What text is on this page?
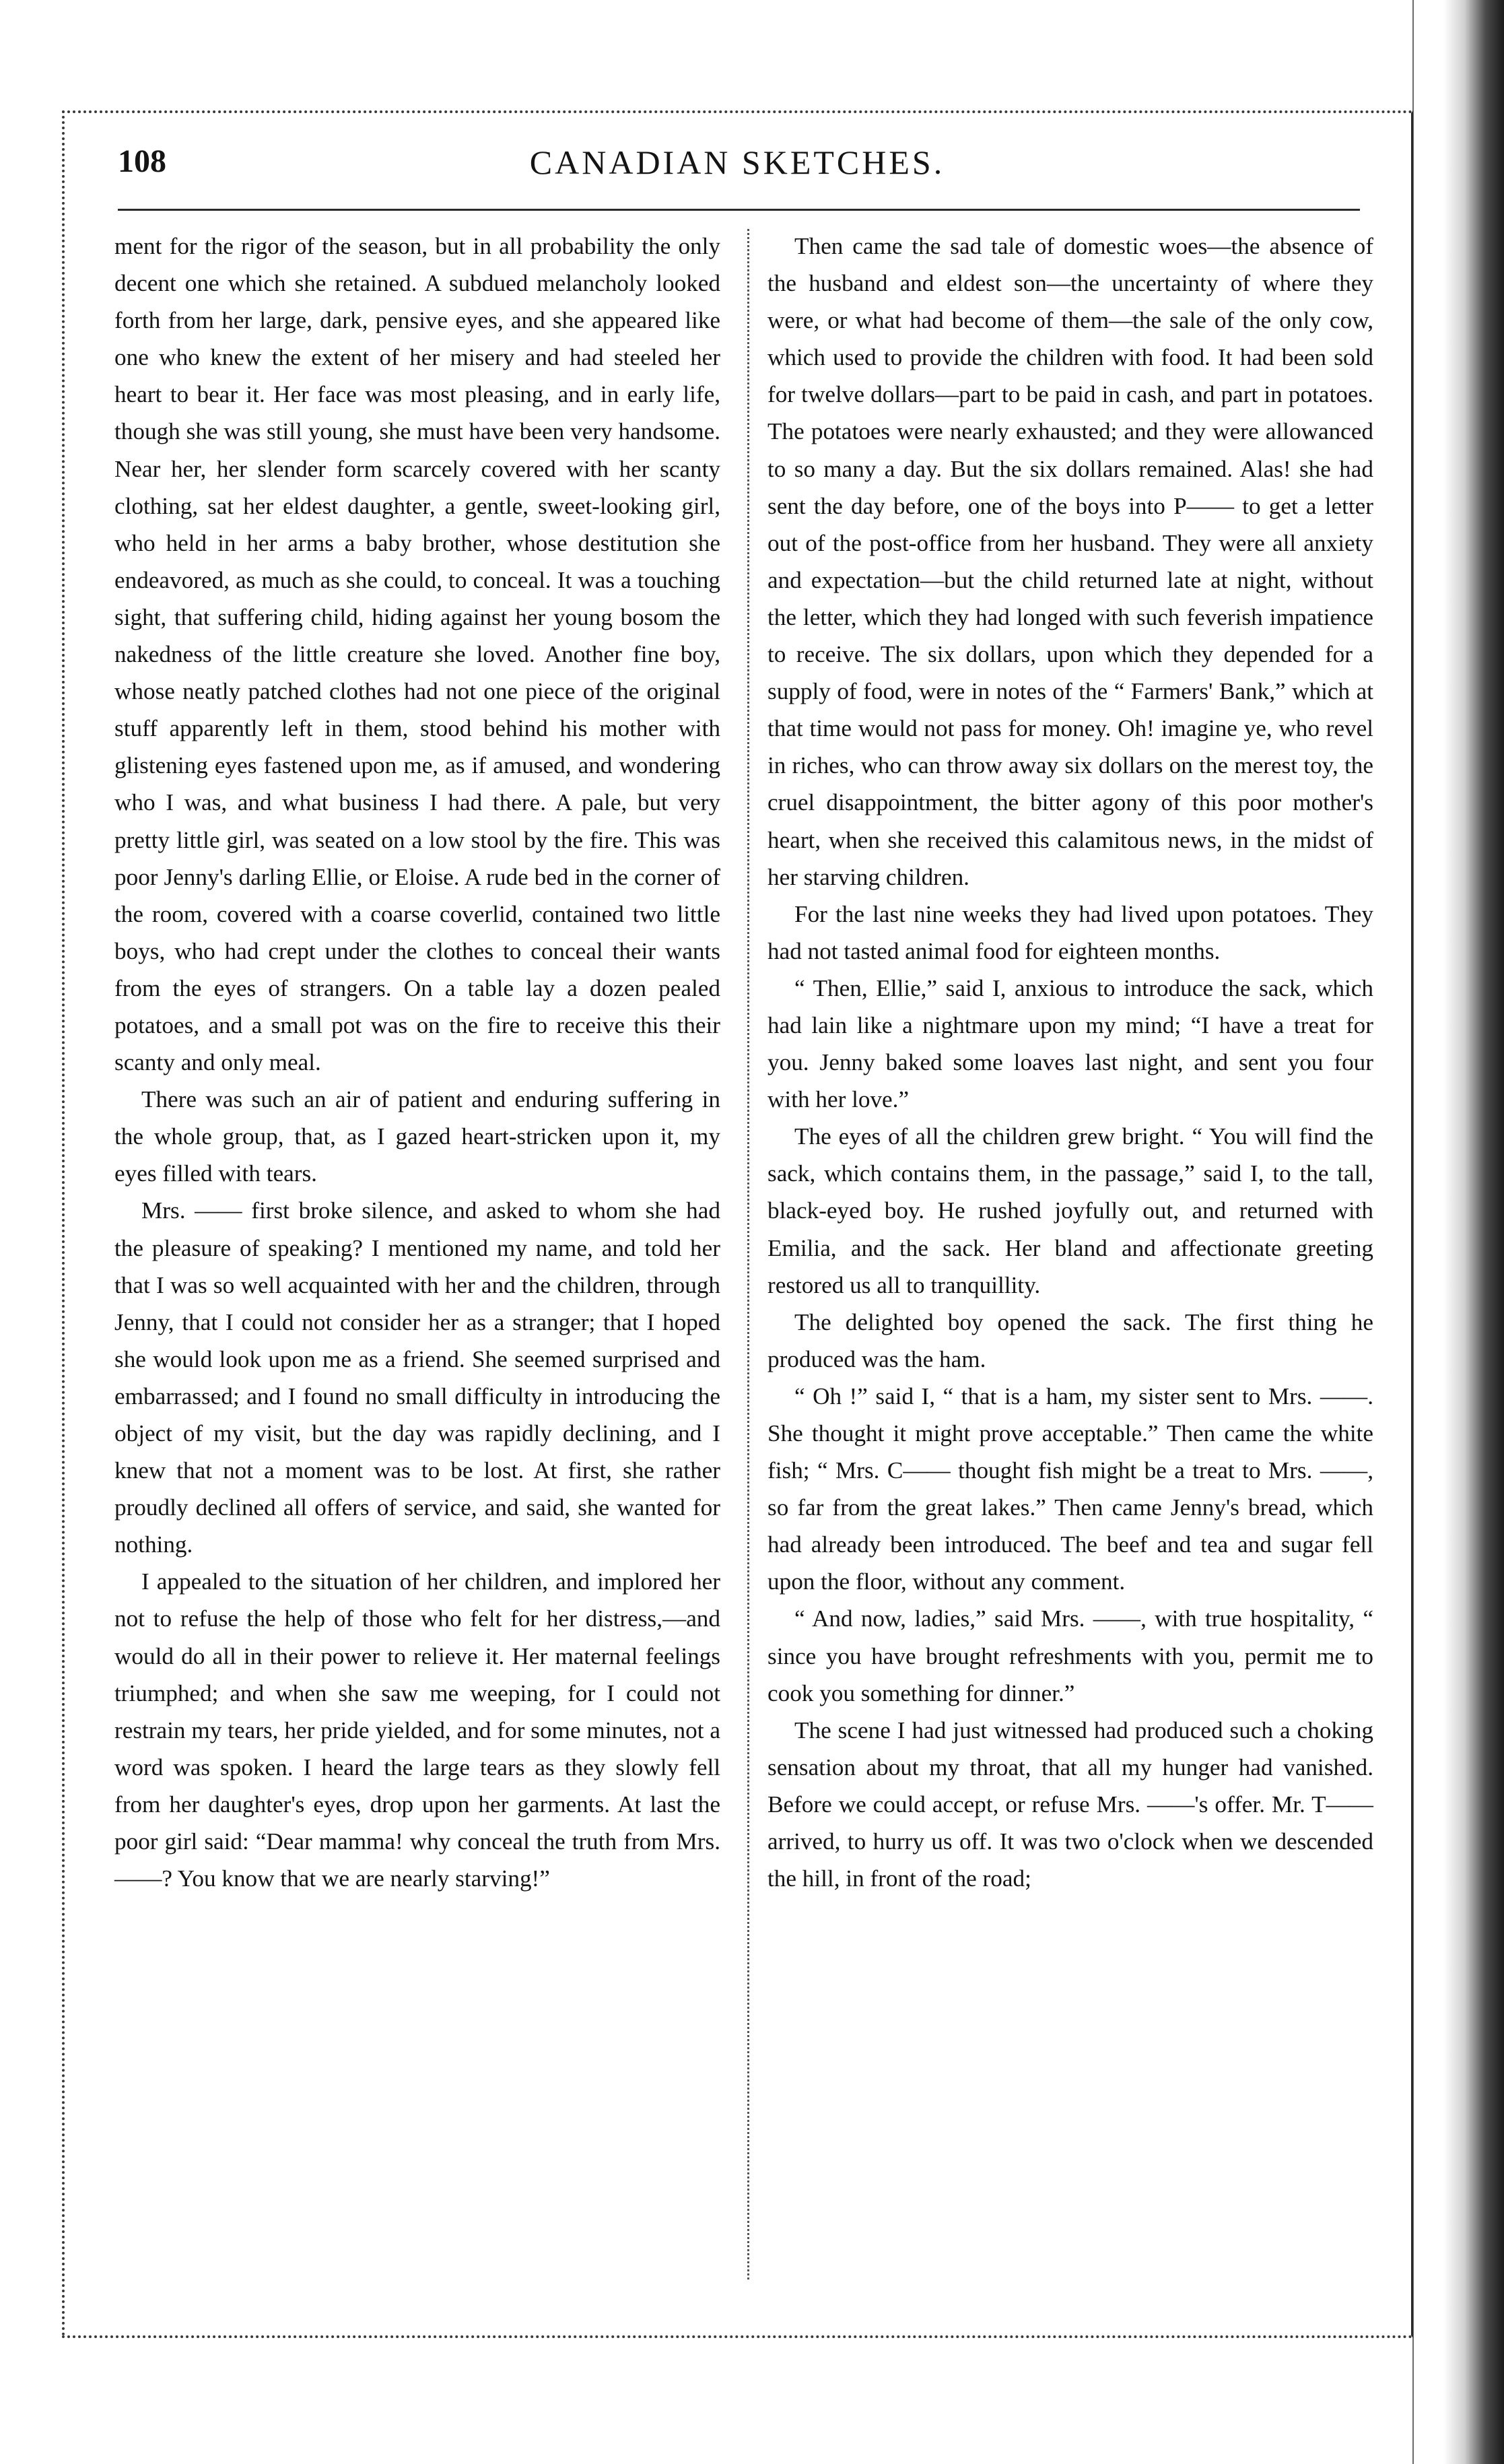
108	CANADIAN SKETCHES.

ment for the rigor of the season, but in all probability the only decent one which she retained. A subdued melancholy looked forth from her large, dark, pensive eyes, and she appeared like one who knew the extent of her misery and had steeled her heart to bear it. Her face was most pleasing, and in early life, though she was still young, she must have been very handsome. Near her, her slender form scarcely covered with her scanty clothing, sat her eldest daughter, a gentle, sweet-looking girl, who held in her arms a baby brother, whose destitution she endeavored, as much as she could, to conceal. It was a touching sight, that suffering child, hiding against her young bosom the nakedness of the little creature she loved. Another fine boy, whose neatly patched clothes had not one piece of the original stuff apparently left in them, stood behind his mother with glistening eyes fastened upon me, as if amused, and wondering who I was, and what business I had there. A pale, but very pretty little girl, was seated on a low stool by the fire. This was poor Jenny's darling Ellie, or Eloise. A rude bed in the corner of the room, covered with a coarse coverlid, contained two little boys, who had crept under the clothes to conceal their wants from the eyes of strangers. On a table lay a dozen pealed potatoes, and a small pot was on the fire to receive this their scanty and only meal.

There was such an air of patient and enduring suffering in the whole group, that, as I gazed heart-stricken upon it, my eyes filled with tears.

Mrs. —— first broke silence, and asked to whom she had the pleasure of speaking? I mentioned my name, and told her that I was so well acquainted with her and the children, through Jenny, that I could not consider her as a stranger; that I hoped she would look upon me as a friend. She seemed surprised and embarrassed; and I found no small difficulty in introducing the object of my visit, but the day was rapidly declining, and I knew that not a moment was to be lost. At first, she rather proudly declined all offers of service, and said, she wanted for nothing.

I appealed to the situation of her children, and implored her not to refuse the help of those who felt for her distress,—and would do all in their power to relieve it. Her maternal feelings triumphed; and when she saw me weeping, for I could not restrain my tears, her pride yielded, and for some minutes, not a word was spoken. I heard the large tears as they slowly fell from her daughter's eyes, drop upon her garments. At last the poor girl said: “Dear mamma! why conceal the truth from Mrs. ——? You know that we are nearly starving!”

Then came the sad tale of domestic woes—the absence of the husband and eldest son—the uncertainty of where they were, or what had become of them—the sale of the only cow, which used to provide the children with food. It had been sold for twelve dollars—part to be paid in cash, and part in potatoes. The potatoes were nearly exhausted; and they were allowanced to so many a day. But the six dollars remained. Alas! she had sent the day before, one of the boys into P—— to get a letter out of the post-office from her husband. They were all anxiety and expectation—but the child returned late at night, without the letter, which they had longed with such feverish impatience to receive. The six dollars, upon which they depended for a supply of food, were in notes of the “ Farmers' Bank,” which at that time would not pass for money. Oh! imagine ye, who revel in riches, who can throw away six dollars on the merest toy, the cruel disappointment, the bitter agony of this poor mother's heart, when she received this calamitous news, in the midst of her starving children.

For the last nine weeks they had lived upon potatoes. They had not tasted animal food for eighteen months.

“ Then, Ellie,” said I, anxious to introduce the sack, which had lain like a nightmare upon my mind; “I have a treat for you. Jenny baked some loaves last night, and sent you four with her love.”

The eyes of all the children grew bright. “ You will find the sack, which contains them, in the passage,” said I, to the tall, black-eyed boy. He rushed joyfully out, and returned with Emilia, and the sack. Her bland and affectionate greeting restored us all to tranquillity.

The delighted boy opened the sack. The first thing he produced was the ham.

“ Oh !” said I, “ that is a ham, my sister sent to Mrs. ——. She thought it might prove acceptable.” Then came the white fish; “ Mrs. C—— thought fish might be a treat to Mrs. ——, so far from the great lakes.” Then came Jenny's bread, which had already been introduced. The beef and tea and sugar fell upon the floor, without any comment.

“ And now, ladies,” said Mrs. ——, with true hospitality, “ since you have brought refreshments with you, permit me to cook you something for dinner.”

The scene I had just witnessed had produced such a choking sensation about my throat, that all my hunger had vanished. Before we could accept, or refuse Mrs. ——'s offer. Mr. T—— arrived, to hurry us off. It was two o'clock when we descended the hill, in front of the road;
